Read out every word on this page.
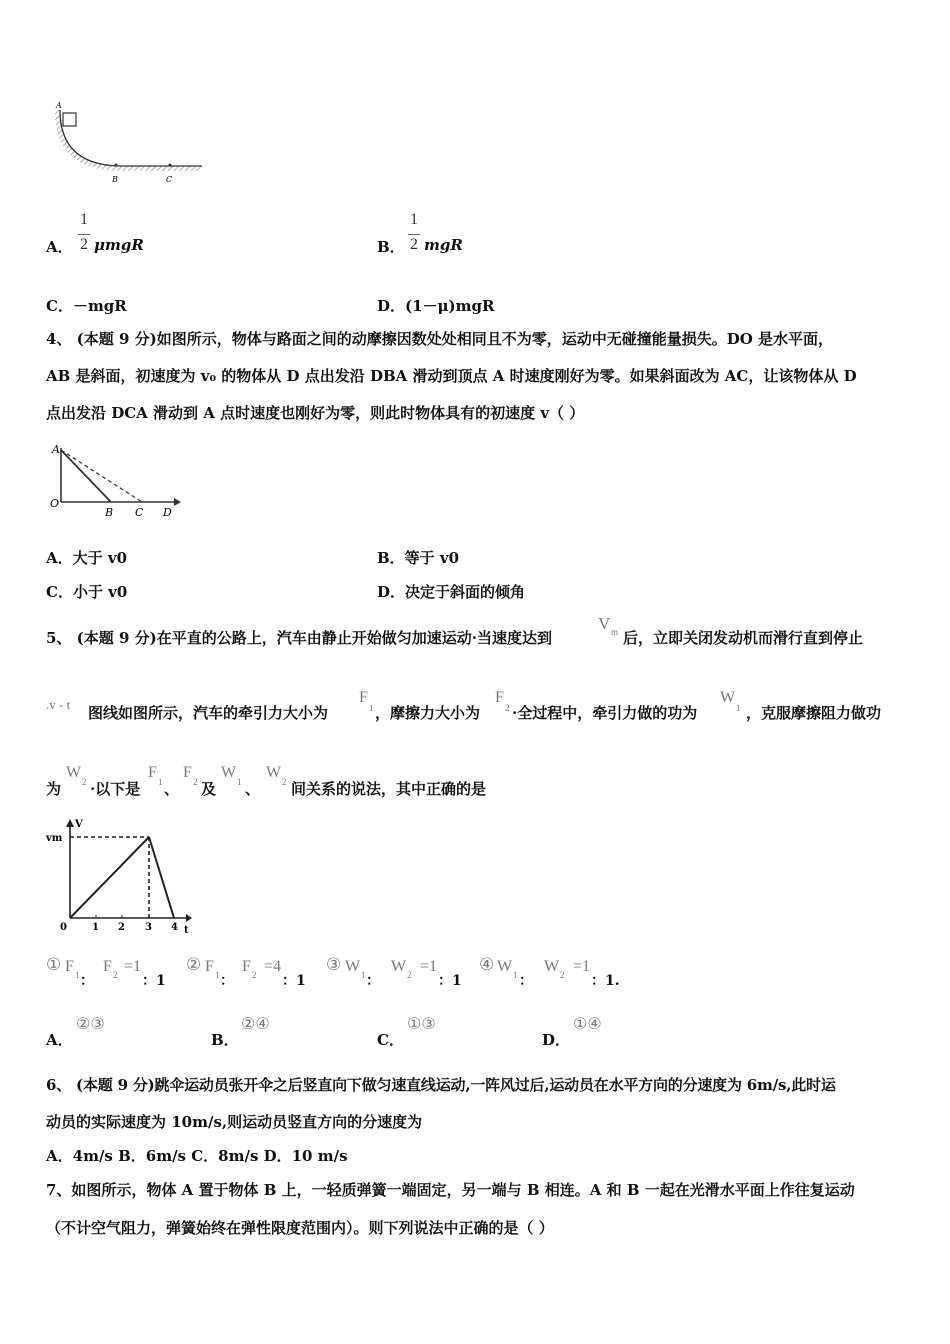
A
B	C
A．
1
2 μmgR	B．
1
2 mgR
C．－mgR	D．(1－μ)mgR
4、 (本题 9 分)如图所示，物体与路面之间的动摩擦因数处处相同且不为零，运动中无碰撞能量损失。DO 是水平面，
AB 是斜面，初速度为 v₀ 的物体从 D 点出发沿 DBA 滑动到顶点 A 时速度刚好为零。如果斜面改为 AC，让该物体从 D
点出发沿 DCA 滑动到 A 点时速度也刚好为零，则此时物体具有的初速度 v（ ）
A
O
B C D
A．大于 v0	B．等于 v0
C．小于 v0	D．决定于斜面的倾角
5、 (本题 9 分)在平直的公路上，汽车由静止开始做匀加速运动·当速度达到
V m 后，立即关闭发动机而滑行直到停止
.v - t 图线如图所示，汽车的牵引力大小为
F
1 ，摩擦力大小为
F
2 ·全过程中，牵引力做的功为
W
1 ，克服摩擦阻力做功
为
W
2 ·以下是
F
1 、
F
2 及
W
1 、
W
2 间关系的说法，其中正确的是
V
vm
t
0	1 2 3 4
① F 1 ：
F 2 =1
：1
② F 1 ：
F 2 =4
：1
③ W 1 ：
W 2 =1
：1
④ W 1 ：
W 2 =1
：1.
A．
②③
B．
②④
C．
①③
D．
①④
6、 (本题 9 分)跳伞运动员张开伞之后竖直向下做匀速直线运动,一阵风过后,运动员在水平方向的分速度为 6m/s,此时运
动员的实际速度为 10m/s,则运动员竖直方向的分速度为
A．4m/s B．6m/s C．8m/s D．10 m/s
7、如图所示，物体 A 置于物体 B 上，一轻质弹簧一端固定，另一端与 B 相连。A 和 B 一起在光滑水平面上作往复运动
（不计空气阻力，弹簧始终在弹性限度范围内）。则下列说法中正确的是（ ）
